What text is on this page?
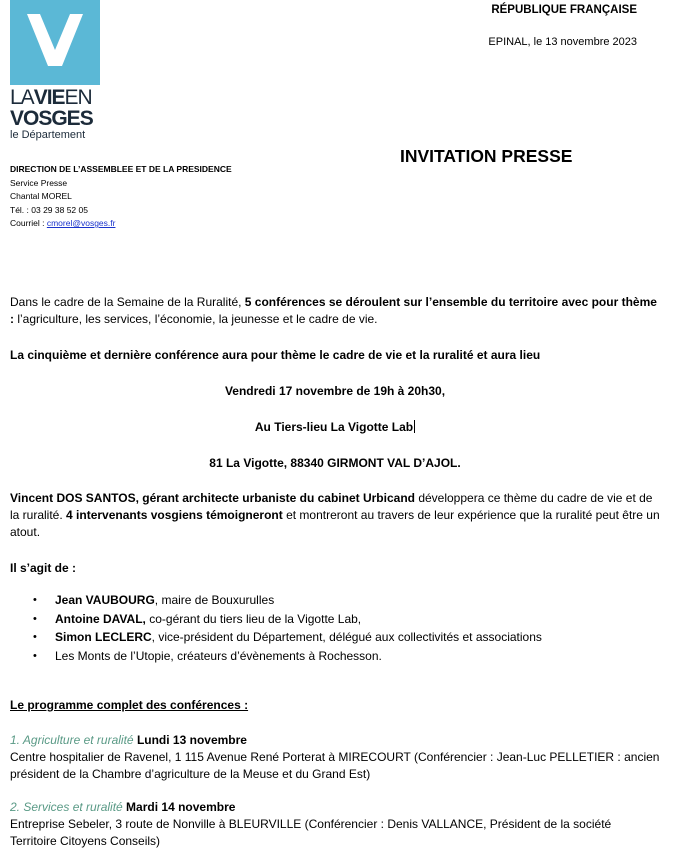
LAVIEEN
VOSGES
le Département
RÉPUBLIQUE FRANÇAISE
EPINAL, le 13 novembre 2023
INVITATION PRESSE
DIRECTION DE L’ASSEMBLEE ET DE LA PRESIDENCE
Service Presse
Chantal MOREL
Tél. : 03 29 38 52 05
Courriel : cmorel@vosges.fr
Dans le cadre de la Semaine de la Ruralité, 5 conférences se déroulent sur l’ensemble du territoire avec pour thème : l’agriculture, les services, l’économie, la jeunesse et le cadre de vie.
La cinquième et dernière conférence aura pour thème le cadre de vie et la ruralité et aura lieu
Vendredi 17 novembre de 19h à 20h30,
Au Tiers-lieu La Vigotte Lab
81 La Vigotte, 88340 GIRMONT VAL D’AJOL.
Vincent DOS SANTOS, gérant architecte urbaniste du cabinet Urbicand développera ce thème du cadre de vie et de la ruralité. 4 intervenants vosgiens témoigneront et montreront au travers de leur expérience que la ruralité peut être un atout.
Il s’agit de :
• Jean VAUBOURG, maire de Bouxurulles
• Antoine DAVAL, co-gérant du tiers lieu de la Vigotte Lab,
• Simon LECLERC, vice-président du Département, délégué aux collectivités et associations
• Les Monts de l’Utopie, créateurs d’évènements à Rochesson.
Le programme complet des conférences :
1. Agriculture et ruralité Lundi 13 novembre
Centre hospitalier de Ravenel, 1 115 Avenue René Porterat à MIRECOURT (Conférencier : Jean-Luc PELLETIER : ancien président de la Chambre d’agriculture de la Meuse et du Grand Est)
2. Services et ruralité Mardi 14 novembre
Entreprise Sebeler, 3 route de Nonville à BLEURVILLE (Conférencier : Denis VALLANCE, Président de la société Territoire Citoyens Conseils)
